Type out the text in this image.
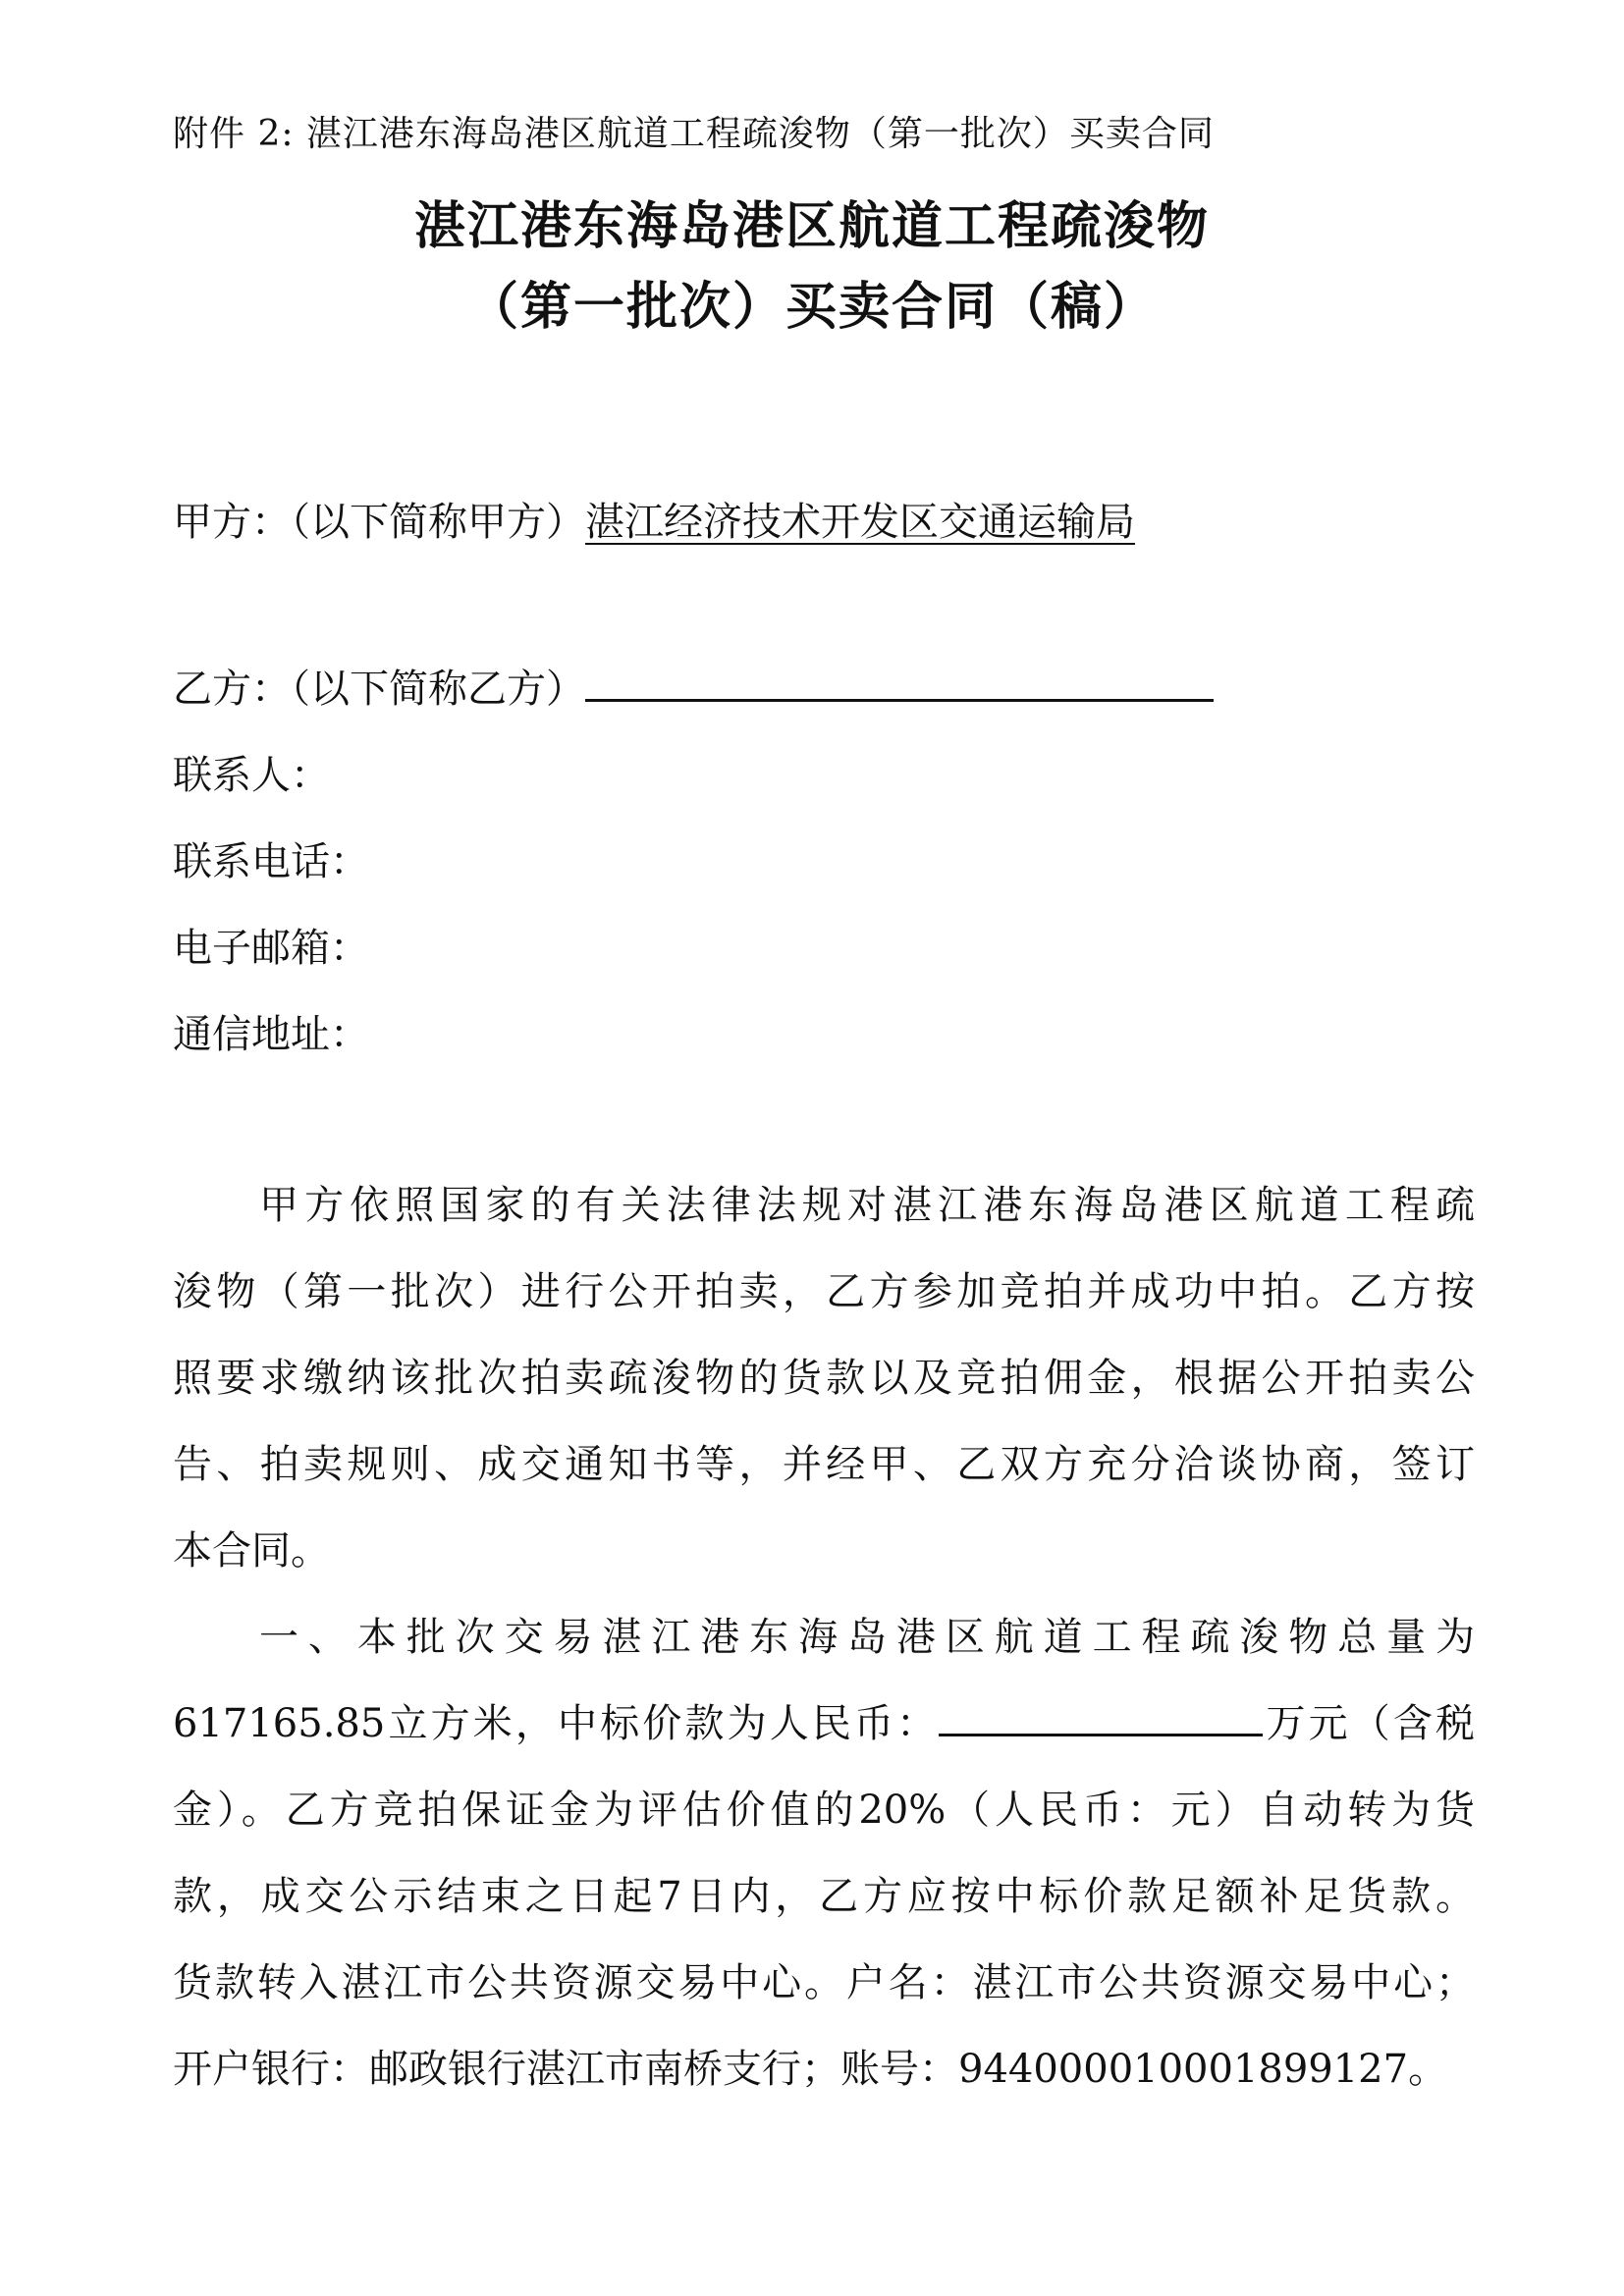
附件 2: 湛江港东海岛港区航道工程疏浚物（第一批次）买卖合同
湛江港东海岛港区航道工程疏浚物
（第一批次）买卖合同（稿）
甲方：（以下简称甲方）湛江经济技术开发区交通运输局
乙方：（以下简称乙方）
联系人：
联系电话：
电子邮箱：
通信地址：
甲方依照国家的有关法律法规对湛江港东海岛港区航道工程疏
浚物（第一批次）进行公开拍卖，乙方参加竞拍并成功中拍。乙方按
照要求缴纳该批次拍卖疏浚物的货款以及竞拍佣金，根据公开拍卖公
告、拍卖规则、成交通知书等，并经甲、乙双方充分洽谈协商，签订
本合同。
一、本批次交易湛江港东海岛港区航道工程疏浚物总量为
617165.85立方米，中标价款为人民币：	万元（含税
金）。乙方竞拍保证金为评估价值的20%（人民币：元）自动转为货
款，成交公示结束之日起7日内，乙方应按中标价款足额补足货款。
货款转入湛江市公共资源交易中心。户名：湛江市公共资源交易中心；
开户银行：邮政银行湛江市南桥支行；账号：944000010001899127。
